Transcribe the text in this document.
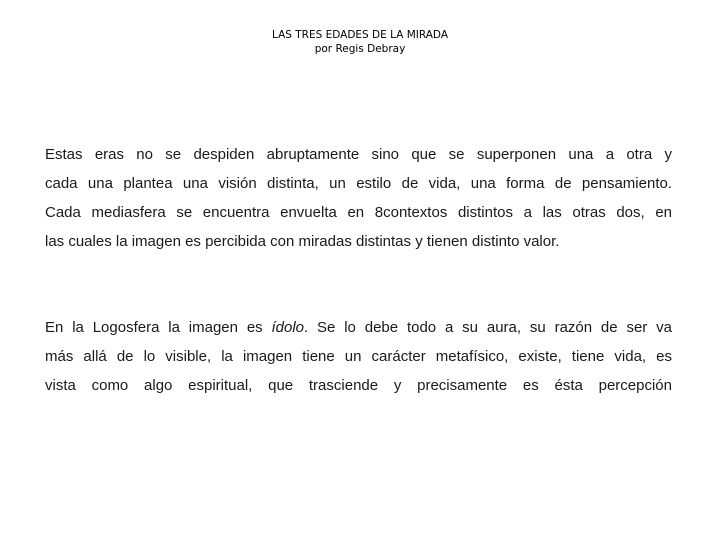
LAS TRES EDADES DE LA MIRADA
por Regis Debray
Estas eras no se despiden abruptamente sino que se superponen una a otra y
cada una plantea una visión distinta, un estilo de vida, una forma de pensamiento.
Cada mediasfera se encuentra envuelta en 8contextos distintos a las otras dos, en
las cuales la imagen es percibida con miradas distintas y tienen distinto valor.
En la Logosfera la imagen es ídolo. Se lo debe todo a su aura, su razón de ser va
más allá de lo visible, la imagen tiene un carácter metafísico, existe, tiene vida, es
vista como algo espiritual, que trasciende y precisamente es ésta percepción
